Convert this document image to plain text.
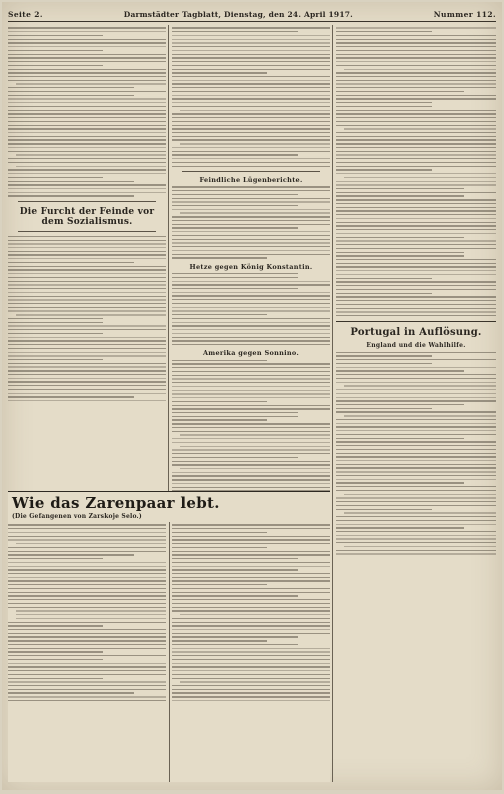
Seite 2.	Darmstädter Tagblatt, Dienstag, den 24. April 1917.	Nummer 112.
Die Furcht der Feinde vor dem Sozialismus.
Feindliche Lügenberichte.
Hetze gegen König Konstantin.
Amerika gegen Sonnino.
Portugal in Auflösung.
England und die Wahlhilfe.
Wie das Zarenpaar lebt.
(Die Gefangenen von Zarskoje Selo.)
